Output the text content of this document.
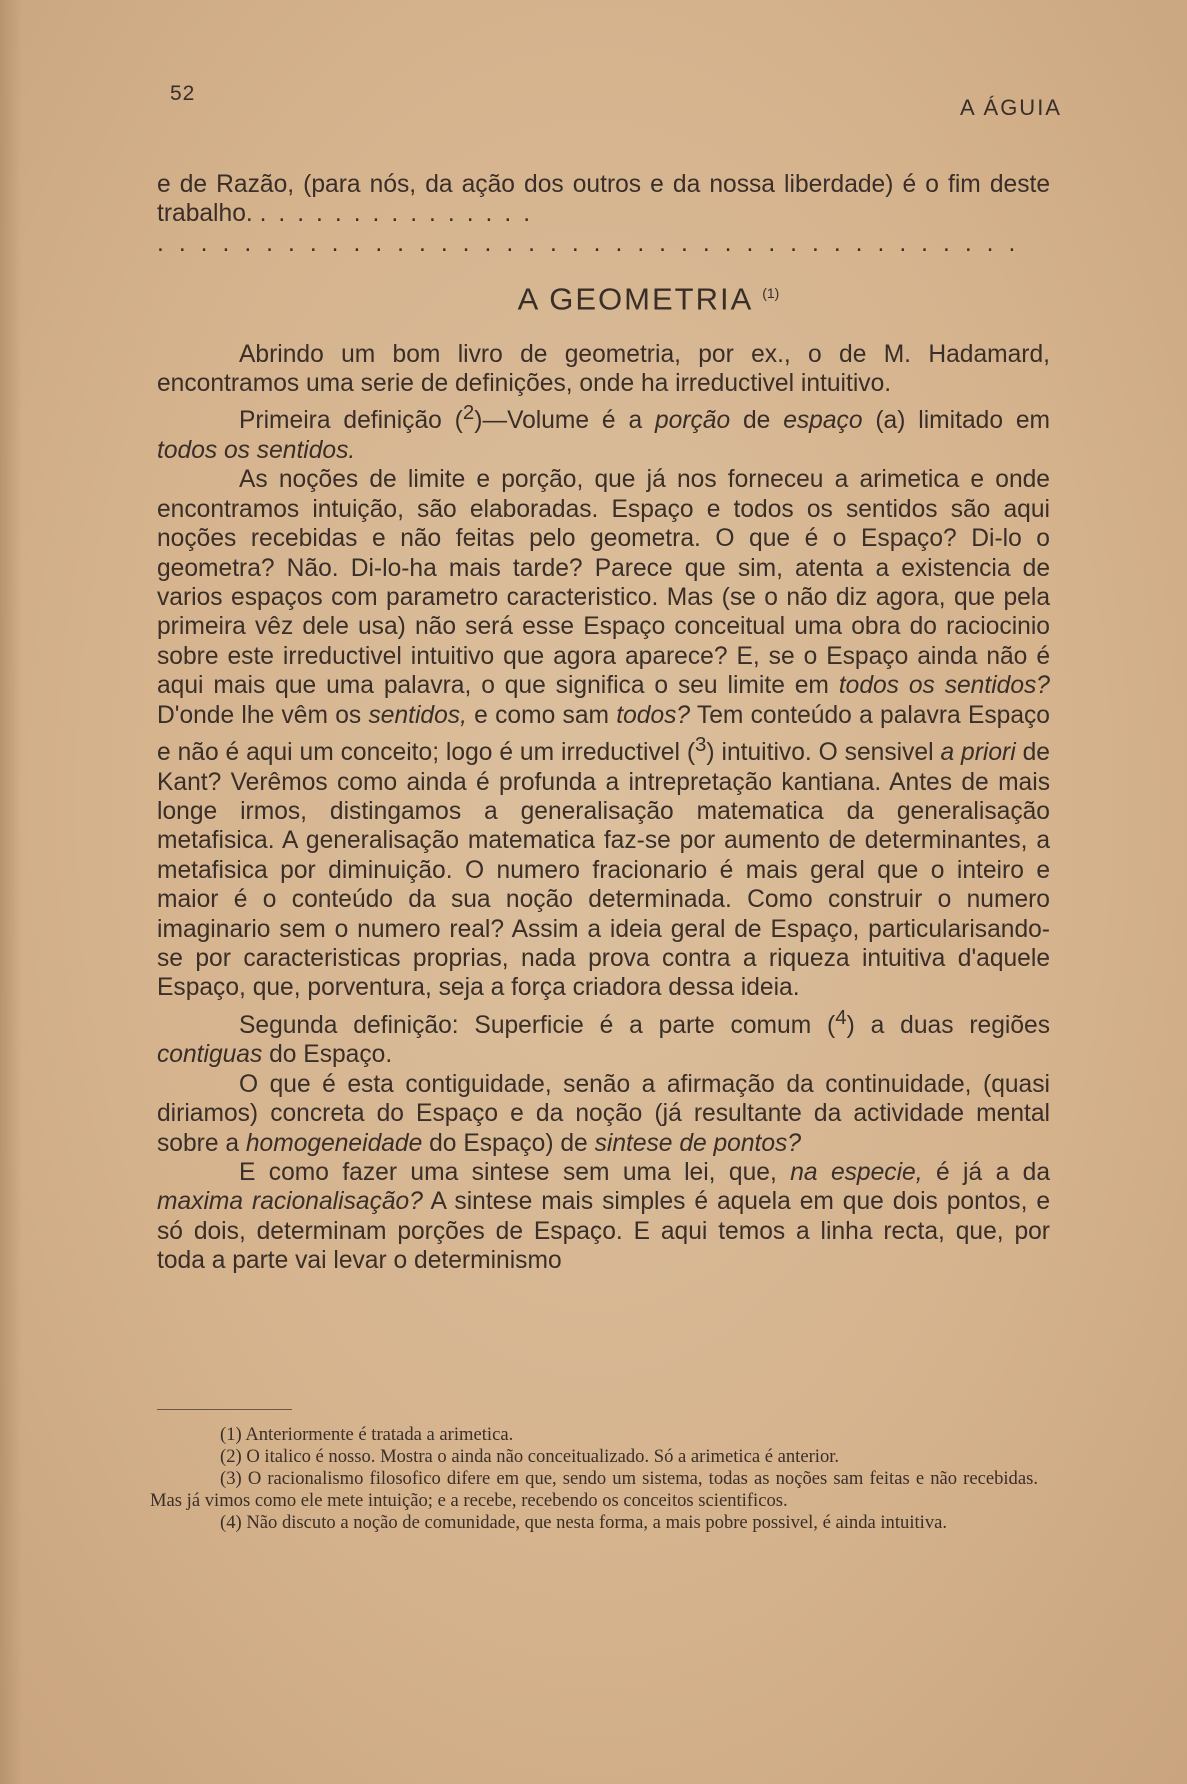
52
A ÁGUIA

e de Razão, (para nós, da ação dos outros e da nossa liberdade) é o fim deste trabalho. ...............

........................................

A GEOMETRIA $^{(1)}$

Abrindo um bom livro de geometria, por ex., o de M. Hadamard, encontramos uma serie de definições, onde ha irreductivel intuitivo.

Primeira definição ($^2$)—Volume é a porção de espaço (a) limitado em todos os sentidos.

As noções de limite e porção, que já nos forneceu a arimetica e onde encontramos intuição, são elaboradas. Espaço e todos os sentidos são aqui noções recebidas e não feitas pelo geometra. O que é o Espaço? Di-lo o geometra? Não. Di-lo-ha mais tarde? Parece que sim, atenta a existencia de varios espaços com parametro caracteristico. Mas (se o não diz agora, que pela primeira vêz dele usa) não será esse Espaço conceitual uma obra do raciocinio sobre este irreductivel intuitivo que agora aparece? E, se o Espaço ainda não é aqui mais que uma palavra, o que significa o seu limite em todos os sentidos? D'onde lhe vêm os sentidos, e como sam todos? Tem conteúdo a palavra Espaço e não é aqui um conceito; logo é um irreductivel ($^3$) intuitivo. O sensivel a priori de Kant? Verêmos como ainda é profunda a intrepretação kantiana. Antes de mais longe irmos, distingamos a generalisação matematica da generalisação metafisica. A generalisação matematica faz-se por aumento de determinantes, a metafisica por diminuição. O numero fracionario é mais geral que o inteiro e maior é o conteúdo da sua noção determinada. Como construir o numero imaginario sem o numero real? Assim a ideia geral de Espaço, particularisando-se por caracteristicas proprias, nada prova contra a riqueza intuitiva d'aquele Espaço, que, porventura, seja a força criadora dessa ideia.

Segunda definição: Superficie é a parte comum ($^4$) a duas regiões contiguas do Espaço.

O que é esta contiguidade, senão a afirmação da continuidade, (quasi diriamos) concreta do Espaço e da noção (já resultante da actividade mental sobre a homogeneidade do Espaço) de sintese de pontos?

E como fazer uma sintese sem uma lei, que, na especie, é já a da maxima racionalisação? A sintese mais simples é aquela em que dois pontos, e só dois, determinam porções de Espaço. E aqui temos a linha recta, que, por toda a parte vai levar o determinismo

(1) Anteriormente é tratada a arimetica.

(2) O italico é nosso. Mostra o ainda não conceitualizado. Só a arimetica é anterior.

(3) O racionalismo filosofico difere em que, sendo um sistema, todas as noções sam feitas e não recebidas. Mas já vimos como ele mete intuição; e a recebe, recebendo os conceitos scientificos.

(4) Não discuto a noção de comunidade, que nesta forma, a mais pobre possivel, é ainda intuitiva.
